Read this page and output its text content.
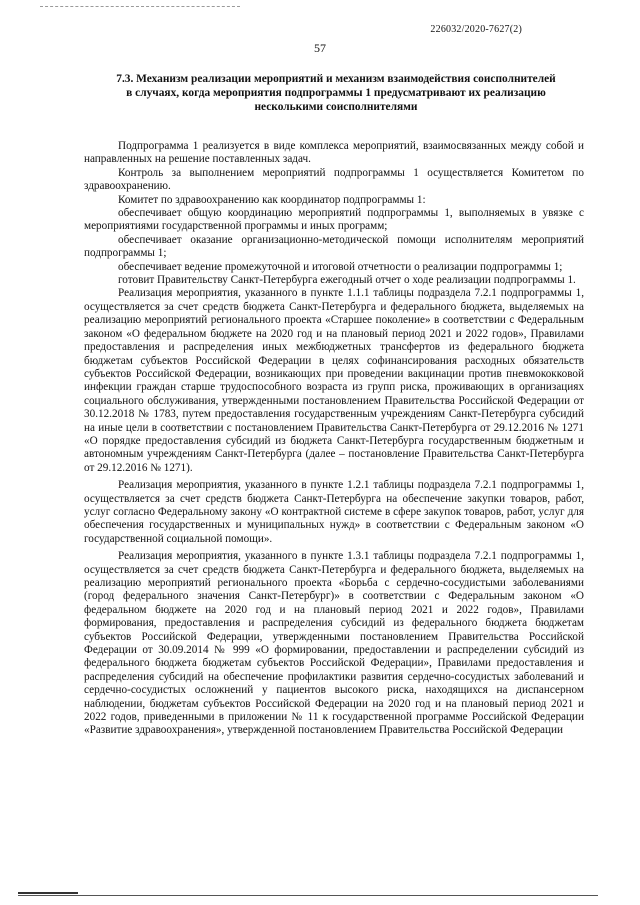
226032/2020-7627(2)
57
7.3. Механизм реализации мероприятий и механизм взаимодействия соисполнителей
в случаях, когда мероприятия подпрограммы 1 предусматривают их реализацию
несколькими соисполнителями

Подпрограмма 1 реализуется в виде комплекса мероприятий, взаимосвязанных между собой и направленных на решение поставленных задач.

Контроль за выполнением мероприятий подпрограммы 1 осуществляется Комитетом по здравоохранению.

Комитет по здравоохранению как координатор подпрограммы 1:

обеспечивает общую координацию мероприятий подпрограммы 1, выполняемых в увязке с мероприятиями государственной программы и иных программ;

обеспечивает оказание организационно-методической помощи исполнителям мероприятий подпрограммы 1;

обеспечивает ведение промежуточной и итоговой отчетности о реализации подпрограммы 1;

готовит Правительству Санкт-Петербурга ежегодный отчет о ходе реализации подпрограммы 1.

Реализация мероприятия, указанного в пункте 1.1.1 таблицы подраздела 7.2.1 подпрограммы 1, осуществляется за счет средств бюджета Санкт-Петербурга и федерального бюджета, выделяемых на реализацию мероприятий регионального проекта «Старшее поколение» в соответствии с Федеральным законом «О федеральном бюджете на 2020 год и на плановый период 2021 и 2022 годов», Правилами предоставления и распределения иных межбюджетных трансфертов из федерального бюджета бюджетам субъектов Российской Федерации в целях софинансирования расходных обязательств субъектов Российской Федерации, возникающих при проведении вакцинации против пневмококковой инфекции граждан старше трудоспособного возраста из групп риска, проживающих в организациях социального обслуживания, утвержденными постановлением Правительства Российской Федерации от 30.12.2018 № 1783, путем предоставления государственным учреждениям Санкт-Петербурга субсидий на иные цели в соответствии с постановлением Правительства Санкт-Петербурга от 29.12.2016 № 1271 «О порядке предоставления субсидий из бюджета Санкт-Петербурга государственным бюджетным и автономным учреждениям Санкт-Петербурга (далее – постановление Правительства Санкт-Петербурга от 29.12.2016 № 1271).

Реализация мероприятия, указанного в пункте 1.2.1 таблицы подраздела 7.2.1 подпрограммы 1, осуществляется за счет средств бюджета Санкт-Петербурга на обеспечение закупки товаров, работ, услуг согласно Федеральному закону «О контрактной системе в сфере закупок товаров, работ, услуг для обеспечения государственных и муниципальных нужд» в соответствии с Федеральным законом «О государственной социальной помощи».

Реализация мероприятия, указанного в пункте 1.3.1 таблицы подраздела 7.2.1 подпрограммы 1, осуществляется за счет средств бюджета Санкт-Петербурга и федерального бюджета, выделяемых на реализацию мероприятий регионального проекта «Борьба с сердечно-сосудистыми заболеваниями (город федерального значения Санкт-Петербург)» в соответствии с Федеральным законом «О федеральном бюджете на 2020 год и на плановый период 2021 и 2022 годов», Правилами формирования, предоставления и распределения субсидий из федерального бюджета бюджетам субъектов Российской Федерации, утвержденными постановлением Правительства Российской Федерации от 30.09.2014 № 999 «О формировании, предоставлении и распределении субсидий из федерального бюджета бюджетам субъектов Российской Федерации», Правилами предоставления и распределения субсидий на обеспечение профилактики развития сердечно-сосудистых заболеваний и сердечно-сосудистых осложнений у пациентов высокого риска, находящихся на диспансерном наблюдении, бюджетам субъектов Российской Федерации на 2020 год и на плановый период 2021 и 2022 годов, приведенными в приложении № 11 к государственной программе Российской Федерации «Развитие здравоохранения», утвержденной постановлением Правительства Российской Федерации
